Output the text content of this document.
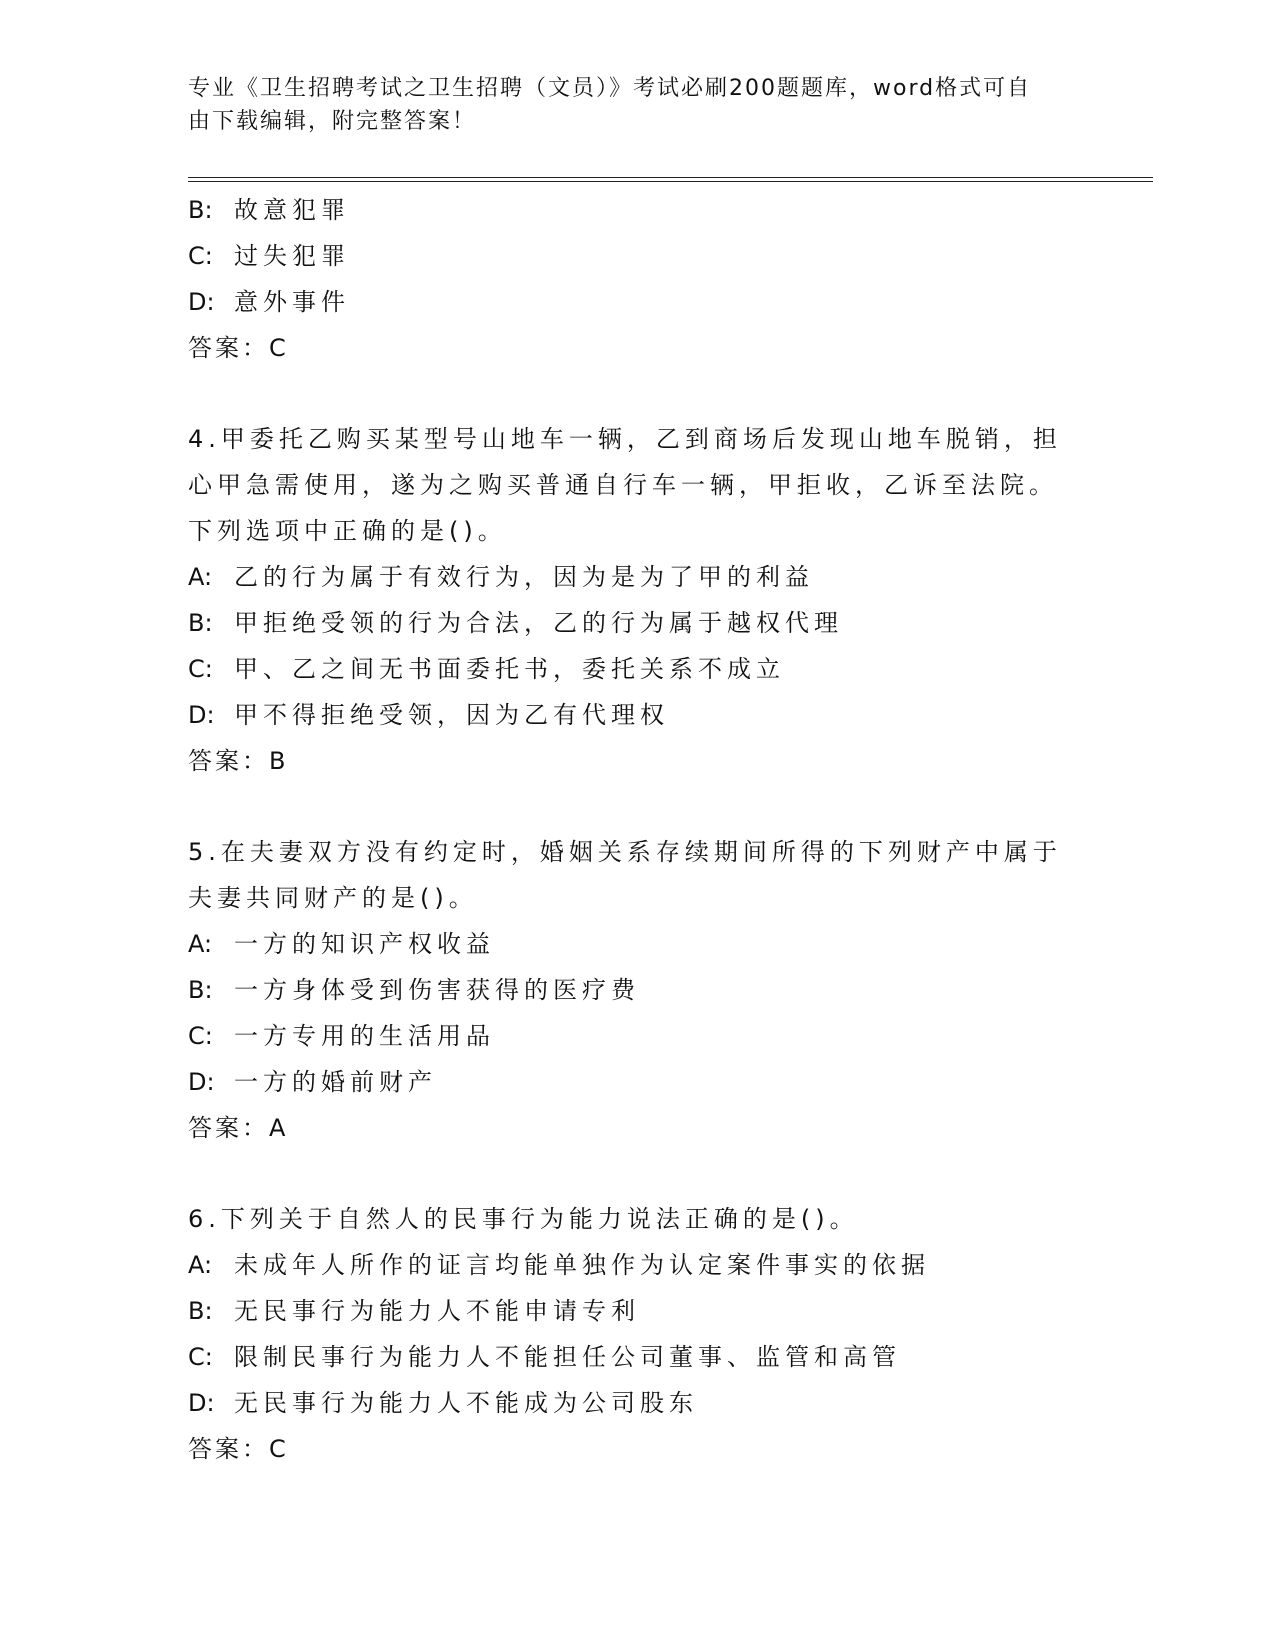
专业《卫生招聘考试之卫生招聘（文员）》考试必刷200题题库，word格式可自
由下载编辑，附完整答案！
B: 故意犯罪
C: 过失犯罪
D: 意外事件
答案：C
4.甲委托乙购买某型号山地车一辆，乙到商场后发现山地车脱销，担
心甲急需使用，遂为之购买普通自行车一辆，甲拒收，乙诉至法院。
下列选项中正确的是()。
A: 乙的行为属于有效行为，因为是为了甲的利益
B: 甲拒绝受领的行为合法，乙的行为属于越权代理
C: 甲、乙之间无书面委托书，委托关系不成立
D: 甲不得拒绝受领，因为乙有代理权
答案：B
5.在夫妻双方没有约定时，婚姻关系存续期间所得的下列财产中属于
夫妻共同财产的是()。
A: 一方的知识产权收益
B: 一方身体受到伤害获得的医疗费
C: 一方专用的生活用品
D: 一方的婚前财产
答案：A
6.下列关于自然人的民事行为能力说法正确的是()。
A: 未成年人所作的证言均能单独作为认定案件事实的依据
B: 无民事行为能力人不能申请专利
C: 限制民事行为能力人不能担任公司董事、监管和高管
D: 无民事行为能力人不能成为公司股东
答案：C
